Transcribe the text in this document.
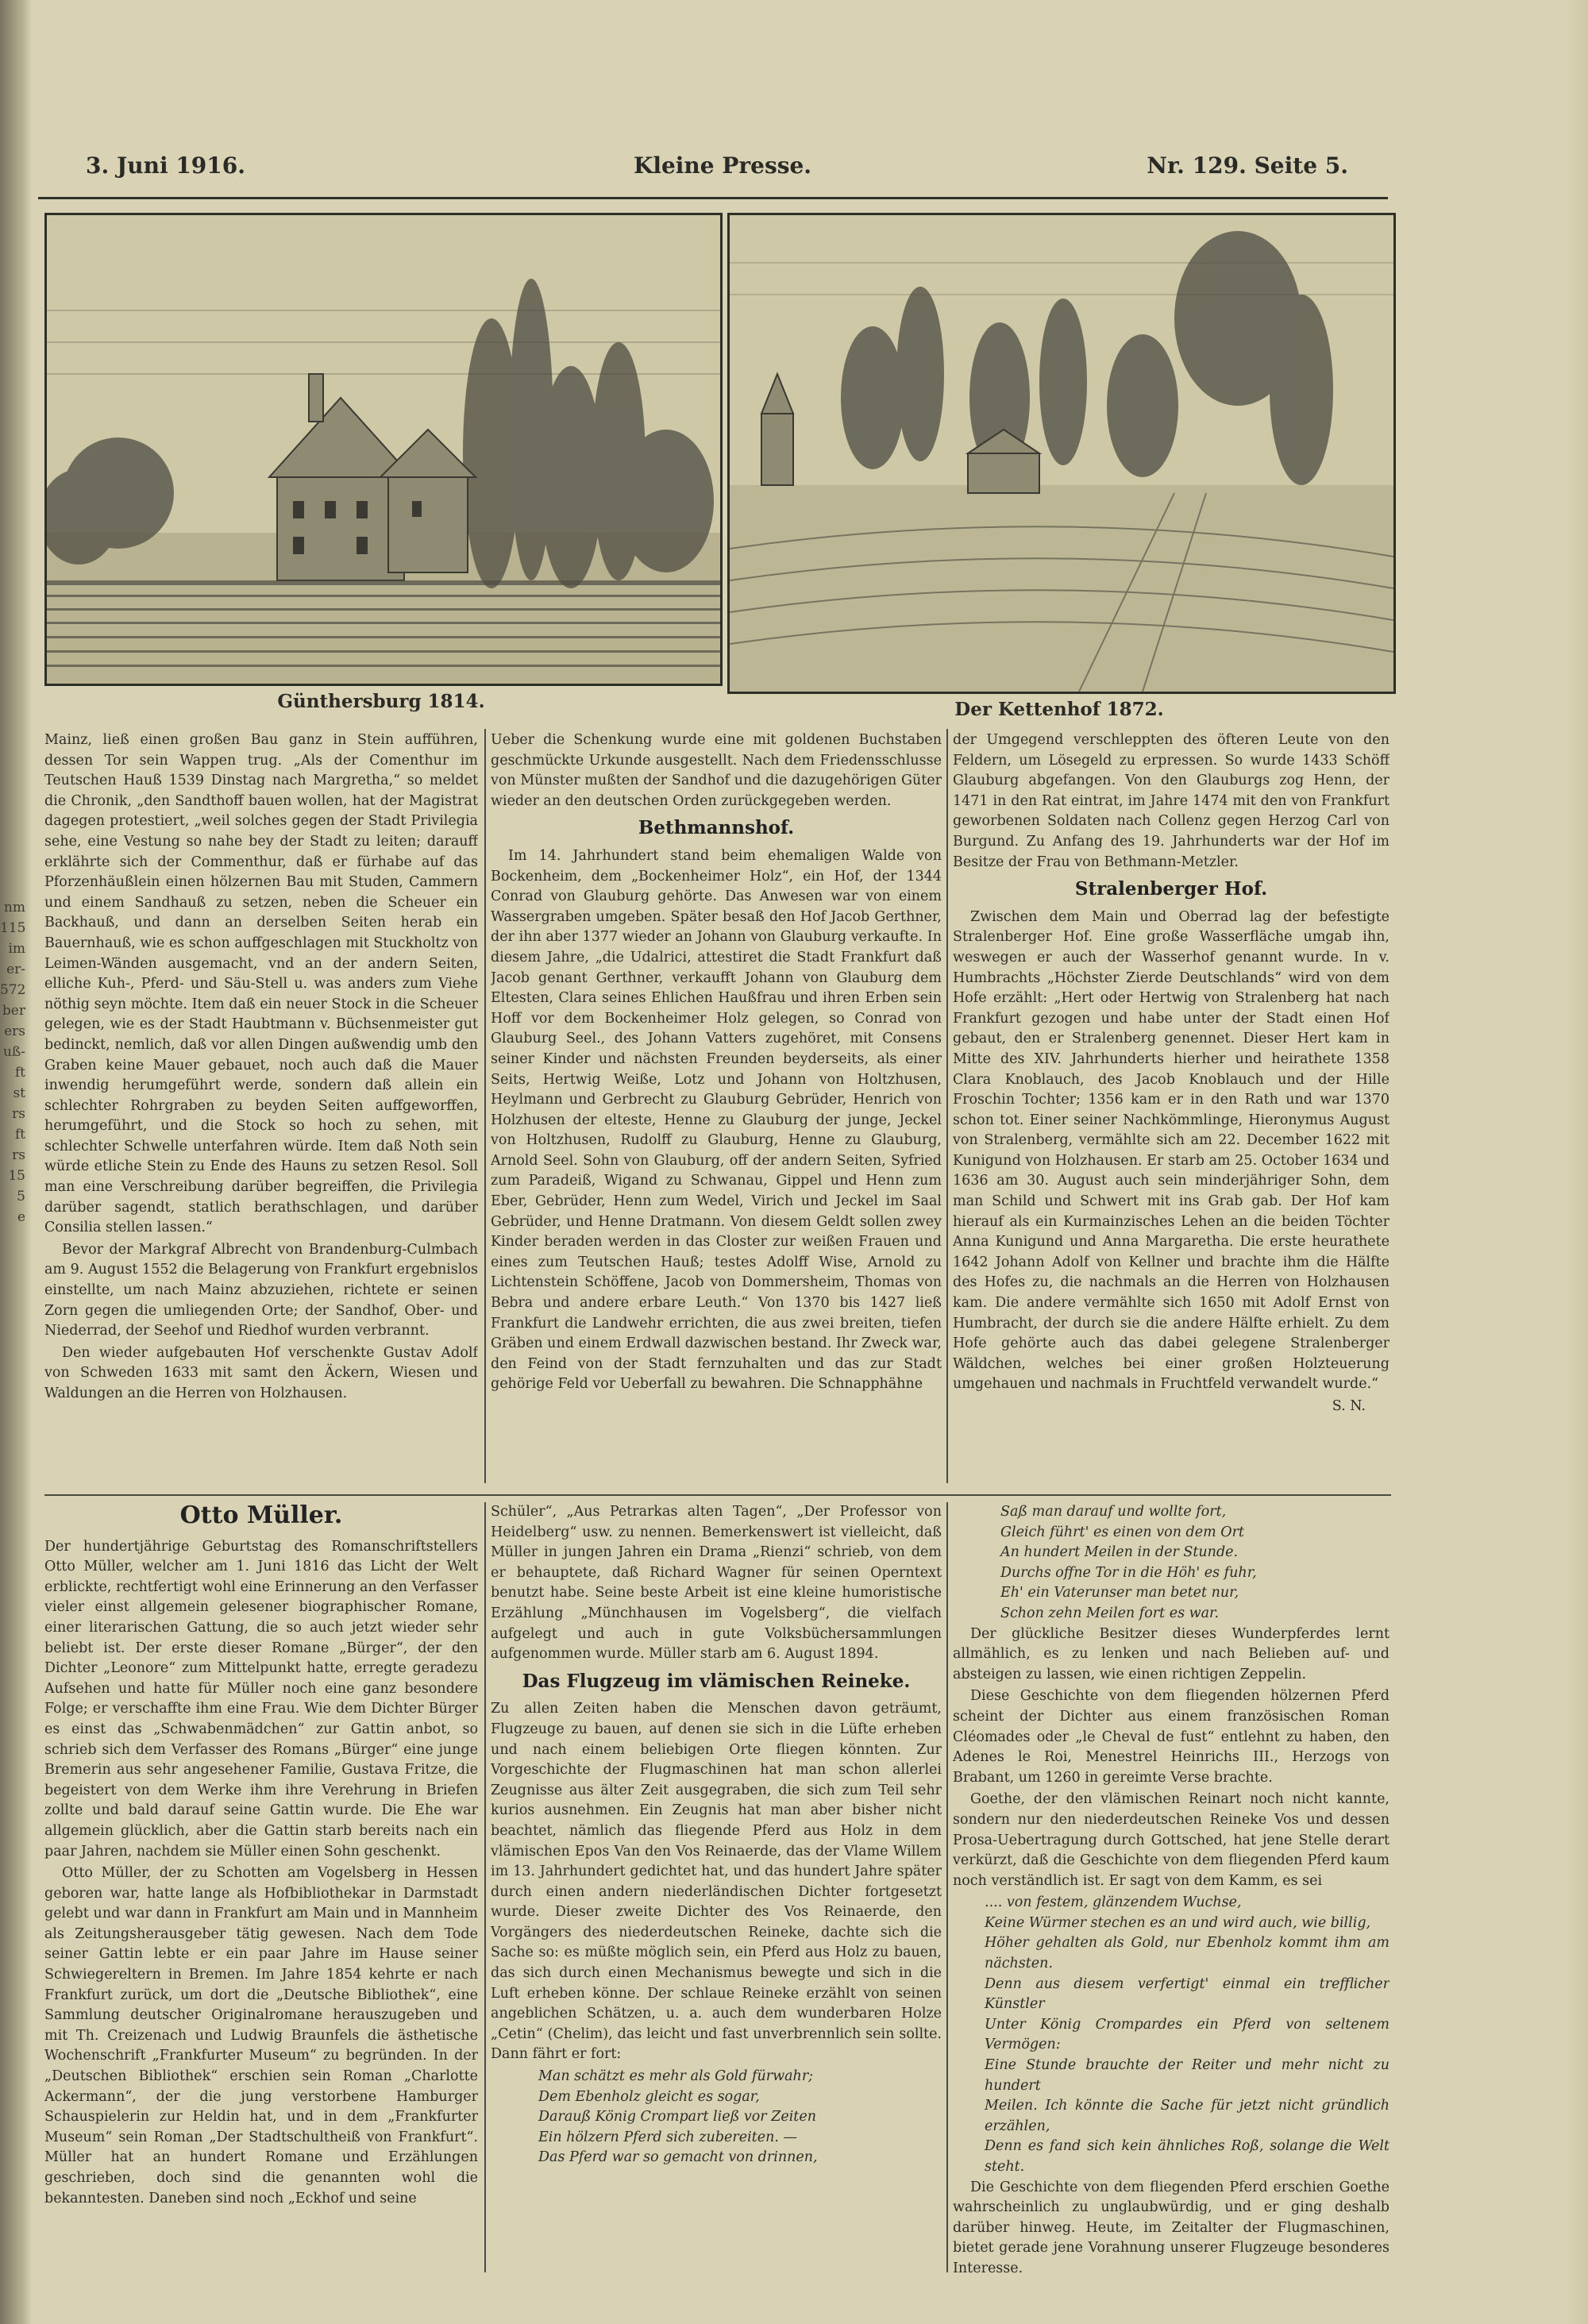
nm
115
im
er-
572
ber
ers
uß-
ft
st
rs
ft
rs
15
5
e
3. Juni 1916.	Kleine Presse.	Nr. 129. Seite 5.
Günthersburg 1814.	Der Kettenhof 1872.

Mainz, ließ einen großen Bau ganz in Stein aufführen, dessen Tor sein Wappen trug. „Als der Comenthur im Teutschen Hauß 1539 Dinstag nach Margretha,“ so meldet die Chronik, „den Sandthoff bauen wollen, hat der Magistrat dagegen protestiert, „weil solches gegen der Stadt Privilegia sehe, eine Vestung so nahe bey der Stadt zu leiten; darauff erklährte sich der Commenthur, daß er fürhabe auf das Pforzenhäußlein einen hölzernen Bau mit Studen, Cammern und einem Sandhauß zu setzen, neben die Scheuer ein Backhauß, und dann an derselben Seiten herab ein Bauernhauß, wie es schon auffgeschlagen mit Stuckholtz von Leimen-Wänden ausgemacht, vnd an der andern Seiten, elliche Kuh-, Pferd- und Säu-Stell u. was anders zum Viehe nöthig seyn möchte. Item daß ein neuer Stock in die Scheuer gelegen, wie es der Stadt Haubtmann v. Büchsenmeister gut bedinckt, nemlich, daß vor allen Dingen außwendig umb den Graben keine Mauer gebauet, noch auch daß die Mauer inwendig herumgeführt werde, sondern daß allein ein schlechter Rohrgraben zu beyden Seiten auffgeworffen, herumgeführt, und die Stock so hoch zu sehen, mit schlechter Schwelle unterfahren würde. Item daß Noth sein würde etliche Stein zu Ende des Hauns zu setzen Resol. Soll man eine Verschreibung darüber begreiffen, die Privilegia darüber sagendt, statlich berathschlagen, und darüber Consilia stellen lassen.“

Bevor der Markgraf Albrecht von Brandenburg-Culmbach am 9. August 1552 die Belagerung von Frankfurt ergebnislos einstellte, um nach Mainz abzuziehen, richtete er seinen Zorn gegen die umliegenden Orte; der Sandhof, Ober- und Niederrad, der Seehof und Riedhof wurden verbrannt.

Den wieder aufgebauten Hof verschenkte Gustav Adolf von Schweden 1633 mit samt den Äckern, Wiesen und Waldungen an die Herren von Holzhausen.

Ueber die Schenkung wurde eine mit goldenen Buchstaben geschmückte Urkunde ausgestellt. Nach dem Friedensschlusse von Münster mußten der Sandhof und die dazugehörigen Güter wieder an den deutschen Orden zurückgegeben werden.

Bethmannshof.

Im 14. Jahrhundert stand beim ehemaligen Walde von Bockenheim, dem „Bockenheimer Holz“, ein Hof, der 1344 Conrad von Glauburg gehörte. Das Anwesen war von einem Wassergraben umgeben. Später besaß den Hof Jacob Gerthner, der ihn aber 1377 wieder an Johann von Glauburg verkaufte. In diesem Jahre, „die Udalrici, attestiret die Stadt Frankfurt daß Jacob genant Gerthner, verkaufft Johann von Glauburg dem Eltesten, Clara seines Ehlichen Haußfrau und ihren Erben sein Hoff vor dem Bockenheimer Holz gelegen, so Conrad von Glauburg Seel., des Johann Vatters zugehöret, mit Consens seiner Kinder und nächsten Freunden beyderseits, als einer Seits, Hertwig Weiße, Lotz und Johann von Holtzhusen, Heylmann und Gerbrecht zu Glauburg Gebrüder, Henrich von Holzhusen der elteste, Henne zu Glauburg der junge, Jeckel von Holtzhusen, Rudolff zu Glauburg, Henne zu Glauburg, Arnold Seel. Sohn von Glauburg, off der andern Seiten, Syfried zum Paradeiß, Wigand zu Schwanau, Gippel und Henn zum Eber, Gebrüder, Henn zum Wedel, Virich und Jeckel im Saal Gebrüder, und Henne Dratmann. Von diesem Geldt sollen zwey Kinder beraden werden in das Closter zur weißen Frauen und eines zum Teutschen Hauß; testes Adolff Wise, Arnold zu Lichtenstein Schöffene, Jacob von Dommersheim, Thomas von Bebra und andere erbare Leuth.“ Von 1370 bis 1427 ließ Frankfurt die Landwehr errichten, die aus zwei breiten, tiefen Gräben und einem Erdwall dazwischen bestand. Ihr Zweck war, den Feind von der Stadt fernzuhalten und das zur Stadt gehörige Feld vor Ueberfall zu bewahren. Die Schnapphähne

der Umgegend verschleppten des öfteren Leute von den Feldern, um Lösegeld zu erpressen. So wurde 1433 Schöff Glauburg abgefangen. Von den Glauburgs zog Henn, der 1471 in den Rat eintrat, im Jahre 1474 mit den von Frankfurt geworbenen Soldaten nach Collenz gegen Herzog Carl von Burgund. Zu Anfang des 19. Jahrhunderts war der Hof im Besitze der Frau von Bethmann-Metzler.

Stralenberger Hof.

Zwischen dem Main und Oberrad lag der befestigte Stralenberger Hof. Eine große Wasserfläche umgab ihn, weswegen er auch der Wasserhof genannt wurde. In v. Humbrachts „Höchster Zierde Deutschlands“ wird von dem Hofe erzählt: „Hert oder Hertwig von Stralenberg hat nach Frankfurt gezogen und habe unter der Stadt einen Hof gebaut, den er Stralenberg genennet. Dieser Hert kam in Mitte des XIV. Jahrhunderts hierher und heirathete 1358 Clara Knoblauch, des Jacob Knoblauch und der Hille Froschin Tochter; 1356 kam er in den Rath und war 1370 schon tot. Einer seiner Nachkömmlinge, Hieronymus August von Stralenberg, vermählte sich am 22. December 1622 mit Kunigund von Holzhausen. Er starb am 25. October 1634 und 1636 am 30. August auch sein minderjähriger Sohn, dem man Schild und Schwert mit ins Grab gab. Der Hof kam hierauf als ein Kurmainzisches Lehen an die beiden Töchter Anna Kunigund und Anna Margaretha. Die erste heurathete 1642 Johann Adolf von Kellner und brachte ihm die Hälfte des Hofes zu, die nachmals an die Herren von Holzhausen kam. Die andere vermählte sich 1650 mit Adolf Ernst von Humbracht, der durch sie die andere Hälfte erhielt. Zu dem Hofe gehörte auch das dabei gelegene Stralenberger Wäldchen, welches bei einer großen Holzteuerung umgehauen und nachmals in Fruchtfeld verwandelt wurde.“

S. N.
Otto Müller.

Der hundertjährige Geburtstag des Romanschriftstellers Otto Müller, welcher am 1. Juni 1816 das Licht der Welt erblickte, rechtfertigt wohl eine Erinnerung an den Verfasser vieler einst allgemein gelesener biographischer Romane, einer literarischen Gattung, die so auch jetzt wieder sehr beliebt ist. Der erste dieser Romane „Bürger“, der den Dichter „Leonore“ zum Mittelpunkt hatte, erregte geradezu Aufsehen und hatte für Müller noch eine ganz besondere Folge; er verschaffte ihm eine Frau. Wie dem Dichter Bürger es einst das „Schwabenmädchen“ zur Gattin anbot, so schrieb sich dem Verfasser des Romans „Bürger“ eine junge Bremerin aus sehr angesehener Familie, Gustava Fritze, die begeistert von dem Werke ihm ihre Verehrung in Briefen zollte und bald darauf seine Gattin wurde. Die Ehe war allgemein glücklich, aber die Gattin starb bereits nach ein paar Jahren, nachdem sie Müller einen Sohn geschenkt.

Otto Müller, der zu Schotten am Vogelsberg in Hessen geboren war, hatte lange als Hofbibliothekar in Darmstadt gelebt und war dann in Frankfurt am Main und in Mannheim als Zeitungsherausgeber tätig gewesen. Nach dem Tode seiner Gattin lebte er ein paar Jahre im Hause seiner Schwiegereltern in Bremen. Im Jahre 1854 kehrte er nach Frankfurt zurück, um dort die „Deutsche Bibliothek“, eine Sammlung deutscher Originalromane herauszugeben und mit Th. Creizenach und Ludwig Braunfels die ästhetische Wochenschrift „Frankfurter Museum“ zu begründen. In der „Deutschen Bibliothek“ erschien sein Roman „Charlotte Ackermann“, der die jung verstorbene Hamburger Schauspielerin zur Heldin hat, und in dem „Frankfurter Museum“ sein Roman „Der Stadtschultheiß von Frankfurt“. Müller hat an hundert Romane und Erzählungen geschrieben, doch sind die genannten wohl die bekanntesten. Daneben sind noch „Eckhof und seine

Schüler“, „Aus Petrarkas alten Tagen“, „Der Professor von Heidelberg“ usw. zu nennen. Bemerkenswert ist vielleicht, daß Müller in jungen Jahren ein Drama „Rienzi“ schrieb, von dem er behauptete, daß Richard Wagner für seinen Operntext benutzt habe. Seine beste Arbeit ist eine kleine humoristische Erzählung „Münchhausen im Vogelsberg“, die vielfach aufgelegt und auch in gute Volksbüchersammlungen aufgenommen wurde. Müller starb am 6. August 1894.

Das Flugzeug im vlämischen Reineke.

Zu allen Zeiten haben die Menschen davon geträumt, Flugzeuge zu bauen, auf denen sie sich in die Lüfte erheben und nach einem beliebigen Orte fliegen könnten. Zur Vorgeschichte der Flugmaschinen hat man schon allerlei Zeugnisse aus älter Zeit ausgegraben, die sich zum Teil sehr kurios ausnehmen. Ein Zeugnis hat man aber bisher nicht beachtet, nämlich das fliegende Pferd aus Holz in dem vlämischen Epos Van den Vos Reinaerde, das der Vlame Willem im 13. Jahrhundert gedichtet hat, und das hundert Jahre später durch einen andern niederländischen Dichter fortgesetzt wurde. Dieser zweite Dichter des Vos Reinaerde, den Vorgängers des niederdeutschen Reineke, dachte sich die Sache so: es müßte möglich sein, ein Pferd aus Holz zu bauen, das sich durch einen Mechanismus bewegte und sich in die Luft erheben könne. Der schlaue Reineke erzählt von seinen angeblichen Schätzen, u. a. auch dem wunderbaren Holze „Cetin“ (Chelim), das leicht und fast unverbrennlich sein sollte. Dann fährt er fort:

Man schätzt es mehr als Gold fürwahr;
Dem Ebenholz gleicht es sogar,
Darauß König Crompart ließ vor Zeiten
Ein hölzern Pferd sich zubereiten. —
Das Pferd war so gemacht von drinnen,
Saß man darauf und wollte fort,
Gleich führt' es einen von dem Ort
An hundert Meilen in der Stunde.
Durchs offne Tor in die Höh' es fuhr,
Eh' ein Vaterunser man betet nur,
Schon zehn Meilen fort es war.

Der glückliche Besitzer dieses Wunderpferdes lernt allmählich, es zu lenken und nach Belieben auf- und absteigen zu lassen, wie einen richtigen Zeppelin.

Diese Geschichte von dem fliegenden hölzernen Pferd scheint der Dichter aus einem französischen Roman Cléomades oder „le Cheval de fust“ entlehnt zu haben, den Adenes le Roi, Menestrel Heinrichs III., Herzogs von Brabant, um 1260 in gereimte Verse brachte.

Goethe, der den vlämischen Reinart noch nicht kannte, sondern nur den niederdeutschen Reineke Vos und dessen Prosa-Uebertragung durch Gottsched, hat jene Stelle derart verkürzt, daß die Geschichte von dem fliegenden Pferd kaum noch verständlich ist. Er sagt von dem Kamm, es sei

.... von festem, glänzendem Wuchse,
Keine Würmer stechen es an und wird auch, wie billig,
Höher gehalten als Gold, nur Ebenholz kommt ihm am nächsten.
Denn aus diesem verfertigt' einmal ein trefflicher Künstler
Unter König Crompardes ein Pferd von seltenem Vermögen:
Eine Stunde brauchte der Reiter und mehr nicht zu hundert
Meilen. Ich könnte die Sache für jetzt nicht gründlich erzählen,
Denn es fand sich kein ähnliches Roß, solange die Welt steht.

Die Geschichte von dem fliegenden Pferd erschien Goethe wahrscheinlich zu unglaubwürdig, und er ging deshalb darüber hinweg. Heute, im Zeitalter der Flugmaschinen, bietet gerade jene Vorahnung unserer Flugzeuge besonderes Interesse.
